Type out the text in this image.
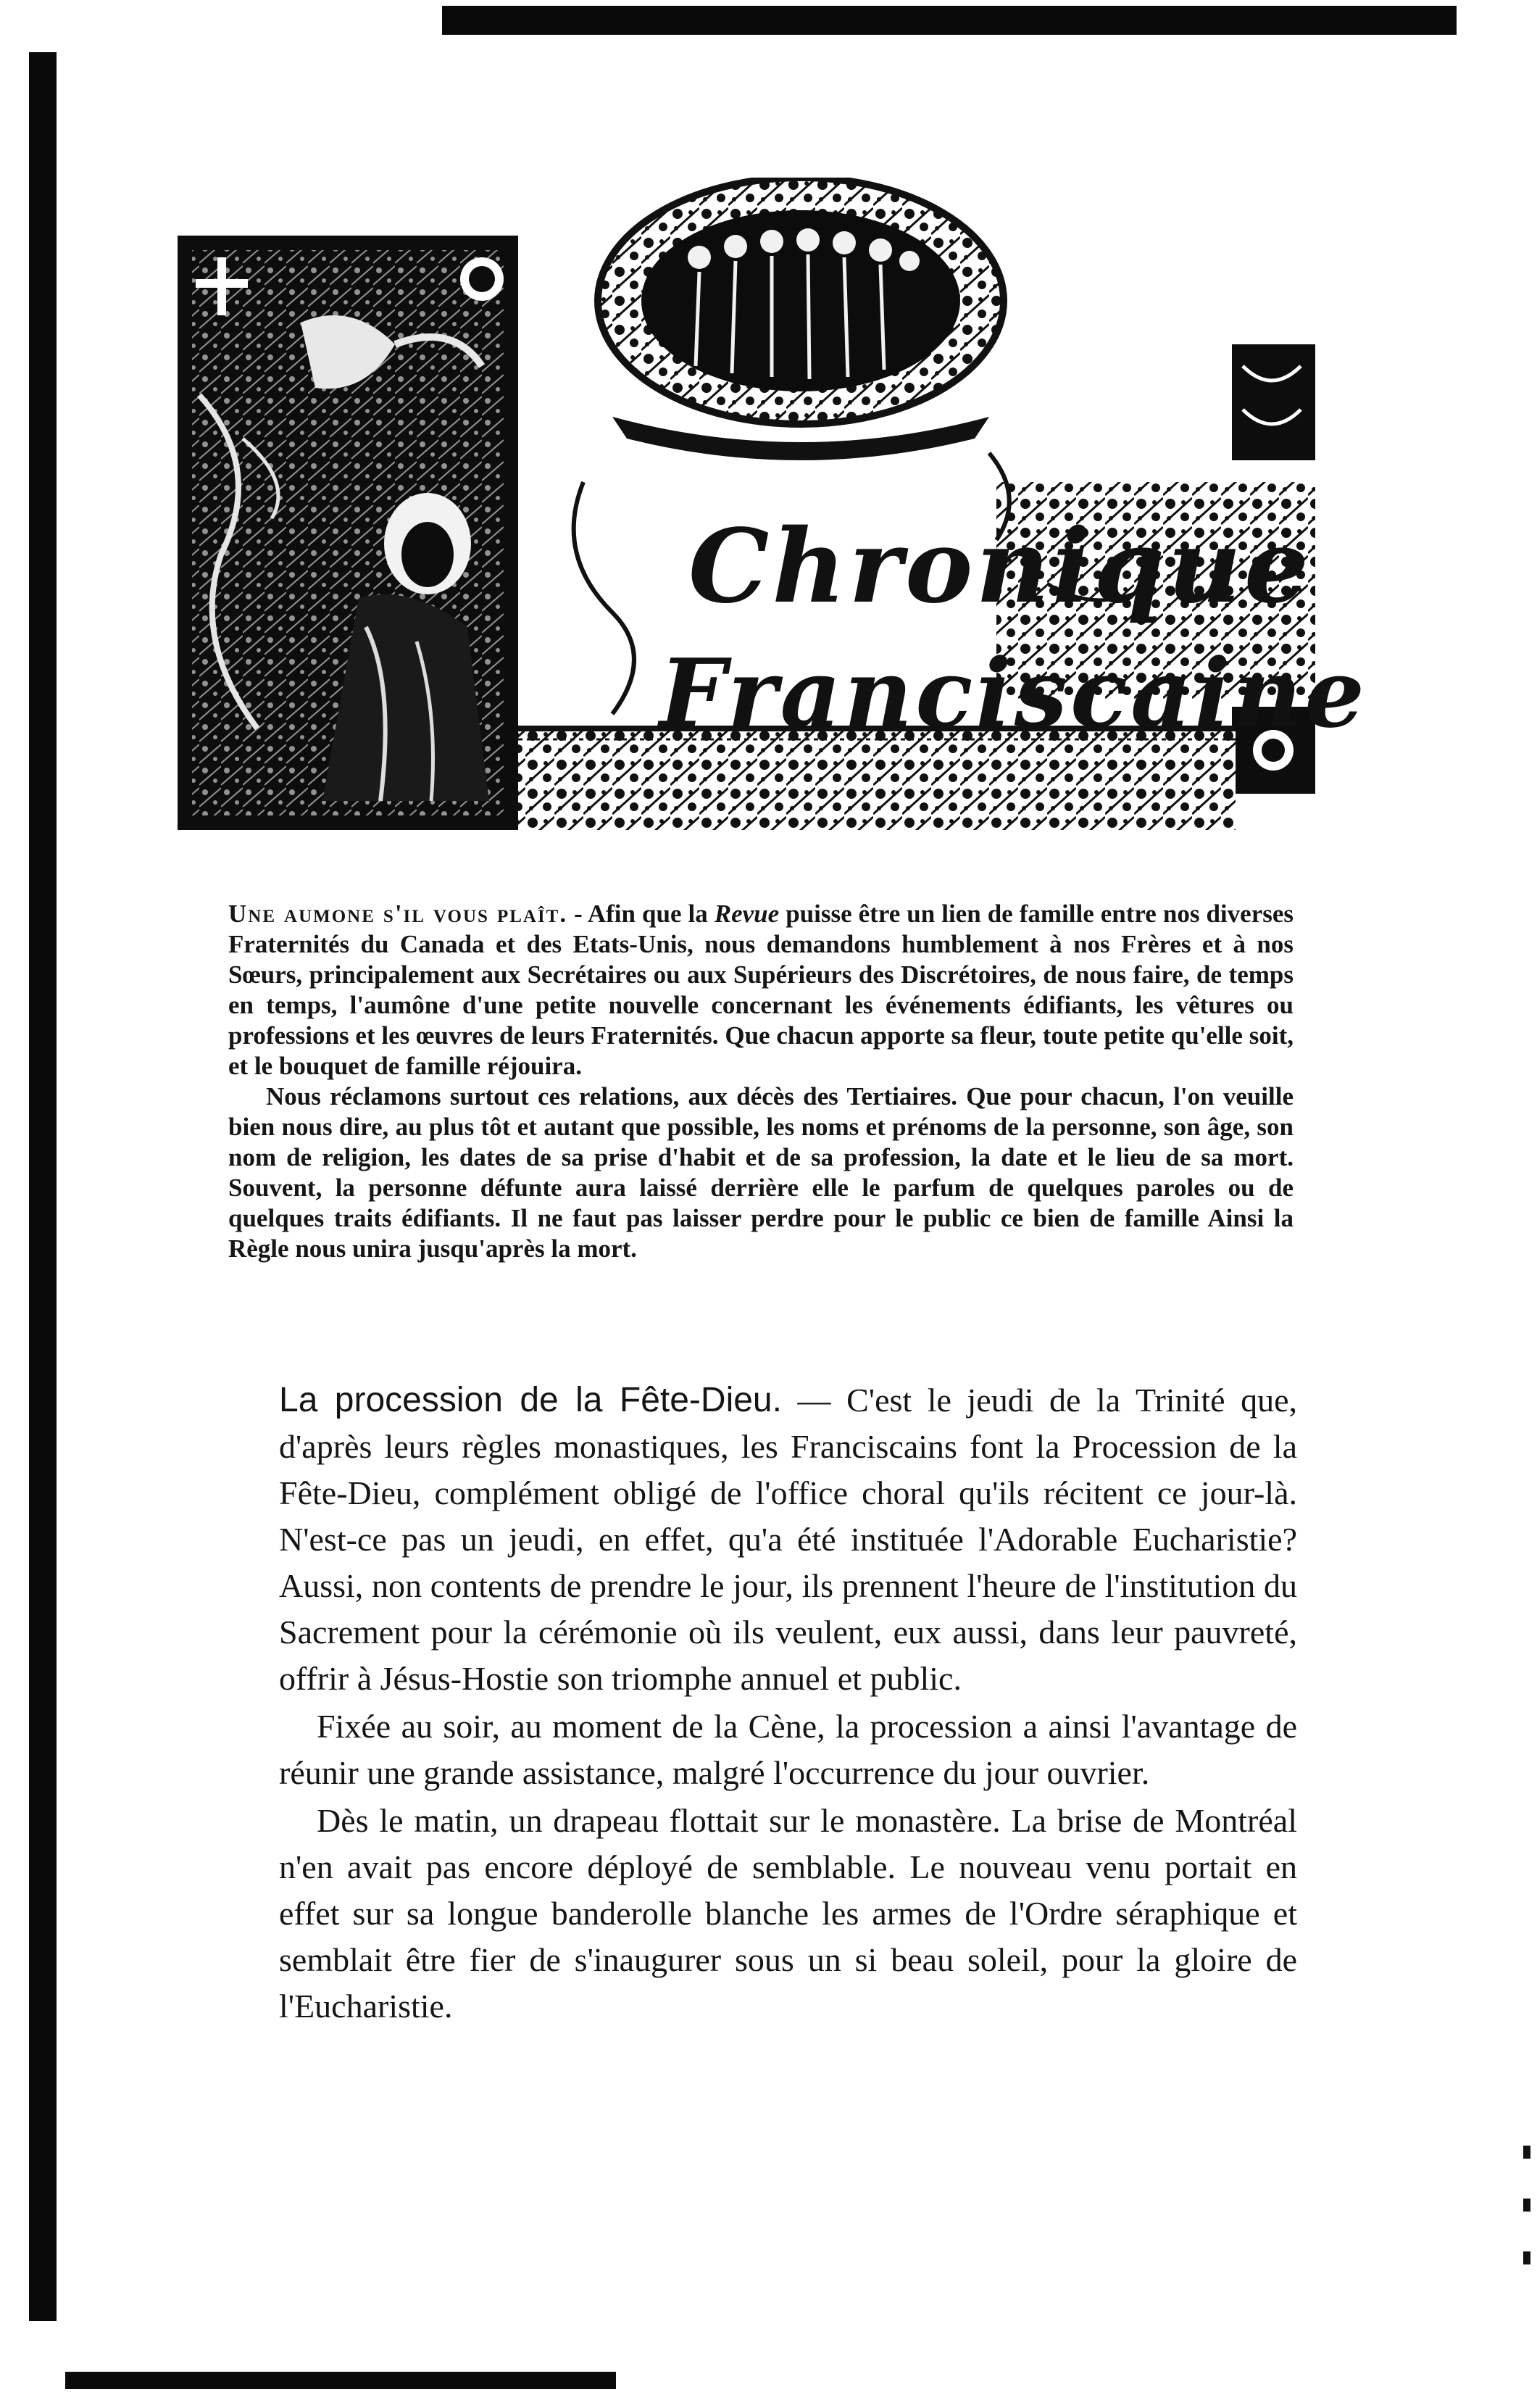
Chronique
Franciscaine

Une aumone s'il vous plaît. - Afin que la Revue puisse être un lien de famille entre nos diverses Fraternités du Canada et des Etats-Unis, nous demandons humblement à nos Frères et à nos Sœurs, principalement aux Secrétaires ou aux Supérieurs des Discrétoires, de nous faire, de temps en temps, l'aumône d'une petite nouvelle concernant les événements édifiants, les vêtures ou professions et les œuvres de leurs Fraternités. Que chacun apporte sa fleur, toute petite qu'elle soit, et le bouquet de famille réjouira.

Nous réclamons surtout ces relations, aux décès des Tertiaires. Que pour chacun, l'on veuille bien nous dire, au plus tôt et autant que possible, les noms et prénoms de la personne, son âge, son nom de religion, les dates de sa prise d'habit et de sa profession, la date et le lieu de sa mort. Souvent, la personne défunte aura laissé derrière elle le parfum de quelques paroles ou de quelques traits édifiants. Il ne faut pas laisser perdre pour le public ce bien de famille Ainsi la Règle nous unira jusqu'après la mort.

La procession de la Fête-Dieu. — C'est le jeudi de la Trinité que, d'après leurs règles monastiques, les Franciscains font la Procession de la Fête-Dieu, complément obligé de l'office choral qu'ils récitent ce jour-là. N'est-ce pas un jeudi, en effet, qu'a été instituée l'Adorable Eucharistie? Aussi, non contents de prendre le jour, ils prennent l'heure de l'institution du Sacrement pour la cérémonie où ils veulent, eux aussi, dans leur pauvreté, offrir à Jésus-Hostie son triomphe annuel et public.

Fixée au soir, au moment de la Cène, la procession a ainsi l'avantage de réunir une grande assistance, malgré l'occurrence du jour ouvrier.

Dès le matin, un drapeau flottait sur le monastère. La brise de Montréal n'en avait pas encore déployé de semblable. Le nouveau venu portait en effet sur sa longue banderolle blanche les armes de l'Ordre séraphique et semblait être fier de s'inaugurer sous un si beau soleil, pour la gloire de l'Eucharistie.
